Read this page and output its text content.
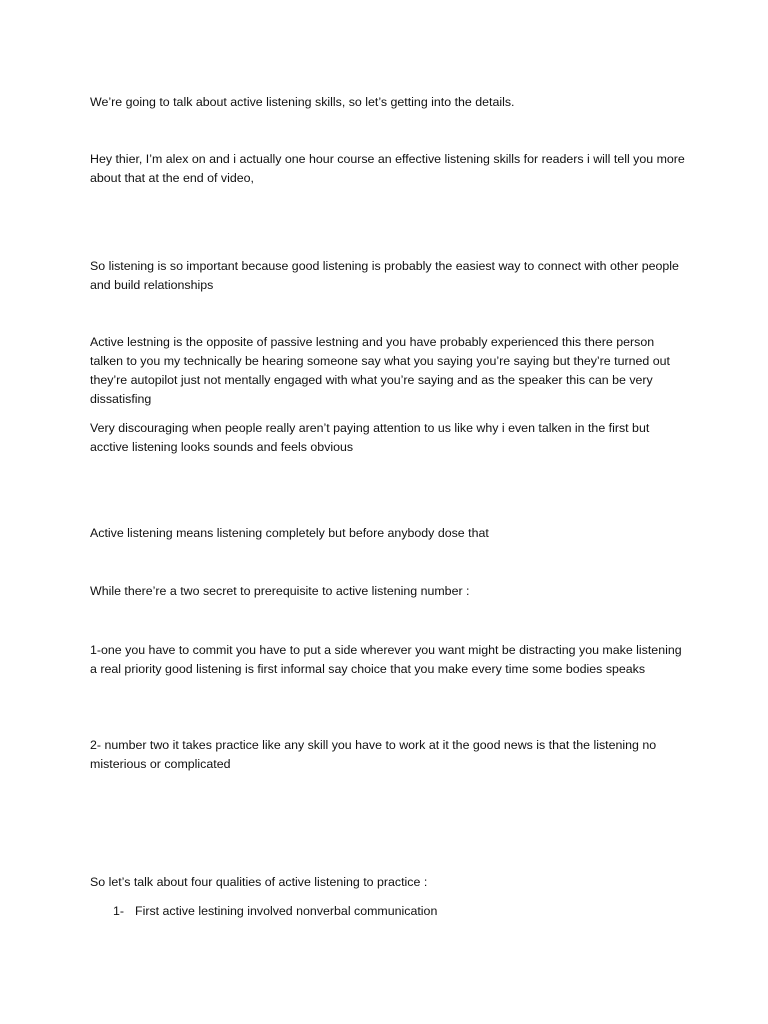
We’re going to talk about active listening skills, so let’s getting into the details.

Hey thier, I’m alex on and i actually one hour course an effective listening skills for readers i will tell you more about that at the end of video,

So listening is so important because good listening is probably the easiest way to connect with other people and build relationships

Active lestning is the opposite of passive lestning and you have probably experienced this there person talken to you my technically be hearing someone say what you saying you’re saying but they’re turned out they’re autopilot just not mentally engaged with what you’re saying and as the speaker this can be very dissatisfing

Very discouraging when people really aren’t paying attention to us like why i even talken in the first but acctive listening looks sounds and feels obvious

Active listening means listening completely but before anybody dose that

While there’re a two secret to prerequisite to active listening number :

1-one you have to commit you have to put a side wherever you want might be distracting you make listening a real priority good listening is first informal say choice that you make every time some bodies speaks

2- number two it takes practice like any skill you have to work at it the good news is that the listening no misterious or complicated

So let’s talk about four qualities of active listening to practice :

1- First active lestining involved nonverbal communication
